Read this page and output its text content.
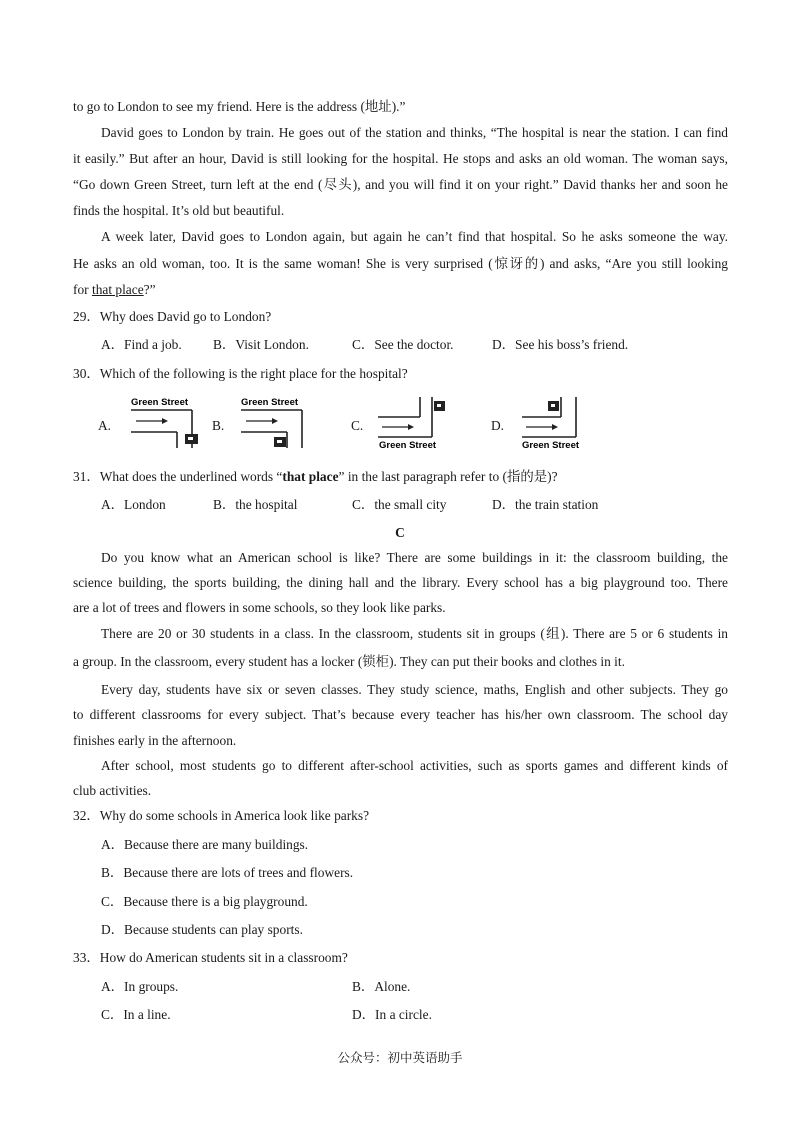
to go to London to see my friend. Here is the address (地址).”
David goes to London by train. He goes out of the station and thinks, “The hospital is near the station. I can find
it easily.” But after an hour, David is still looking for the hospital. He stops and asks an old woman. The woman says,
“Go down Green Street, turn left at the end (尽头), and you will find it on your right.” David thanks her and soon he
finds the hospital. It’s old but beautiful.
A week later, David goes to London again, but again he can’t find that hospital. So he asks someone the way.
He asks an old woman, too. It is the same woman! She is very surprised (惊讶的) and asks, “Are you still looking
for that place?”
29．Why does David go to London?
A．Find a job. B．Visit London.	C．See the doctor.	D．See his boss’s friend.
30．Which of the following is the right place for the hospital?
A.
Green Street
B.
Green Street
C.
Green Street
D.
Green Street
31．What does the underlined words “that place” in the last paragraph refer to (指的是)?
A．London	B．the hospital	C．the small city	D．the train station
C
Do you know what an American school is like? There are some buildings in it: the classroom building, the
science building, the sports building, the dining hall and the library. Every school has a big playground too. There
are a lot of trees and flowers in some schools, so they look like parks.
There are 20 or 30 students in a class. In the classroom, students sit in groups (组). There are 5 or 6 students in
a group. In the classroom, every student has a locker (锁柜). They can put their books and clothes in it.
Every day, students have six or seven classes. They study science, maths, English and other subjects. They go
to different classrooms for every subject. That’s because every teacher has his/her own classroom. The school day
finishes early in the afternoon.
After school, most students go to different after-school activities, such as sports games and different kinds of
club activities.
32．Why do some schools in America look like parks?
A．Because there are many buildings.
B．Because there are lots of trees and flowers.
C．Because there is a big playground.
D．Because students can play sports.
33．How do American students sit in a classroom?
A．In groups.	B．Alone.
C．In a line.	D．In a circle.
公众号：初中英语助手
